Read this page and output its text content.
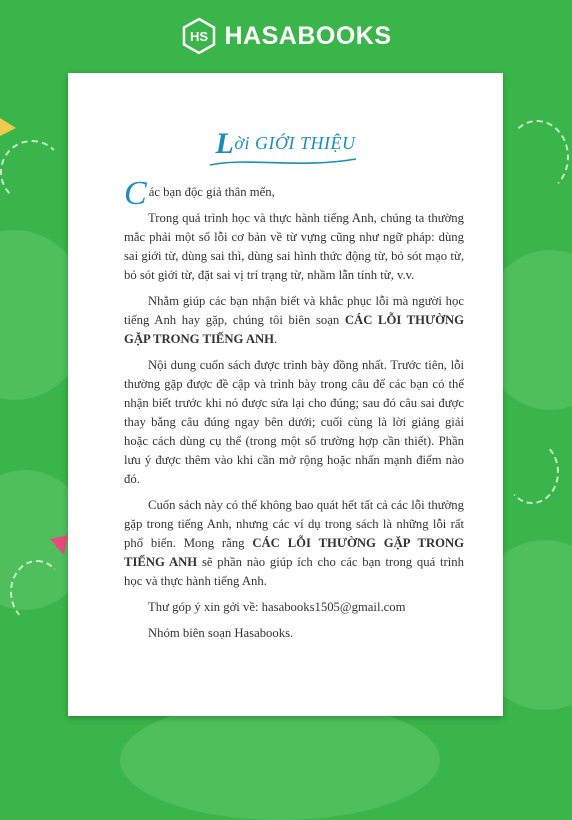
HS HASABOOKS
Lời GIỚI THIỆU

Các bạn độc giả thân mến,

Trong quá trình học và thực hành tiếng Anh, chúng ta thường mắc phải một số lỗi cơ bản về từ vựng cũng như ngữ pháp: dùng sai giới từ, dùng sai thì, dùng sai hình thức động từ, bỏ sót mạo từ, bỏ sót giới từ, đặt sai vị trí trạng từ, nhầm lẫn tính từ, v.v.

Nhằm giúp các bạn nhận biết và khắc phục lỗi mà người học tiếng Anh hay gặp, chúng tôi biên soạn CÁC LỖI THƯỜNG GẶP TRONG TIẾNG ANH.

Nội dung cuốn sách được trình bày đồng nhất. Trước tiên, lỗi thường gặp được đề cập và trình bày trong câu để các bạn có thể nhận biết trước khi nó được sửa lại cho đúng; sau đó câu sai được thay bằng câu đúng ngay bên dưới; cuối cùng là lời giảng giải hoặc cách dùng cụ thể (trong một số trường hợp cần thiết). Phần lưu ý được thêm vào khi cần mở rộng hoặc nhấn mạnh điểm nào đó.

Cuốn sách này có thể không bao quát hết tất cả các lỗi thường gặp trong tiếng Anh, nhưng các ví dụ trong sách là những lỗi rất phổ biến. Mong rằng CÁC LỖI THƯỜNG GẶP TRONG TIẾNG ANH sẽ phần nào giúp ích cho các bạn trong quá trình học và thực hành tiếng Anh.

Thư góp ý xin gởi về: hasabooks1505@gmail.com

Nhóm biên soạn Hasabooks.
